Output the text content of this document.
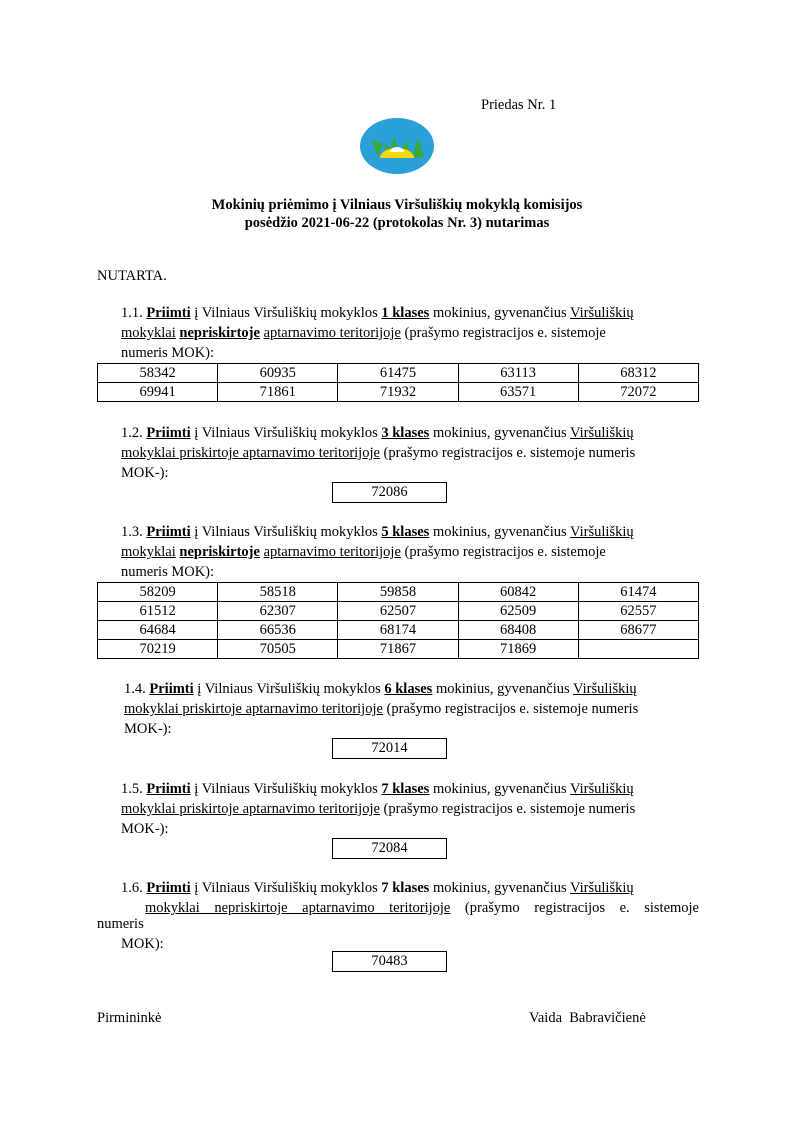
Priedas Nr. 1
Mokinių priėmimo į Vilniaus Viršuliškių mokyklą komisijos
posėdžio 2021-06-22 (protokolas Nr. 3) nutarimas
NUTARTA.
1.1. Priimti į Vilniaus Viršuliškių mokyklos 1 klases mokinius, gyvenančius Viršuliškių
mokyklai nepriskirtoje aptarnavimo teritorijoje (prašymo registracijos e. sistemoje
numeris MOK):
58342	60935	61475	63113	68312
69941	71861	71932	63571	72072
1.2. Priimti į Vilniaus Viršuliškių mokyklos 3 klases mokinius, gyvenančius Viršuliškių
mokyklai priskirtoje aptarnavimo teritorijoje (prašymo registracijos e. sistemoje numeris
MOK-):
72086
1.3. Priimti į Vilniaus Viršuliškių mokyklos 5 klases mokinius, gyvenančius Viršuliškių
mokyklai nepriskirtoje aptarnavimo teritorijoje (prašymo registracijos e. sistemoje
numeris MOK):
58209	58518	59858	60842	61474
61512	62307	62507	62509	62557
64684	66536	68174	68408	68677
70219	70505	71867	71869	
1.4. Priimti į Vilniaus Viršuliškių mokyklos 6 klases mokinius, gyvenančius Viršuliškių
mokyklai priskirtoje aptarnavimo teritorijoje (prašymo registracijos e. sistemoje numeris
MOK-):
72014
1.5. Priimti į Vilniaus Viršuliškių mokyklos 7 klases mokinius, gyvenančius Viršuliškių
mokyklai priskirtoje aptarnavimo teritorijoje (prašymo registracijos e. sistemoje numeris
MOK-):
72084
1.6. Priimti į Vilniaus Viršuliškių mokyklos 7 klases mokinius, gyvenančius Viršuliškių
mokyklai nepriskirtoje aptarnavimo teritorijoje (prašymo registracijos e. sistemoje
numeris
MOK):
70483
Pirmininkė	Vaida  Babravičienė
